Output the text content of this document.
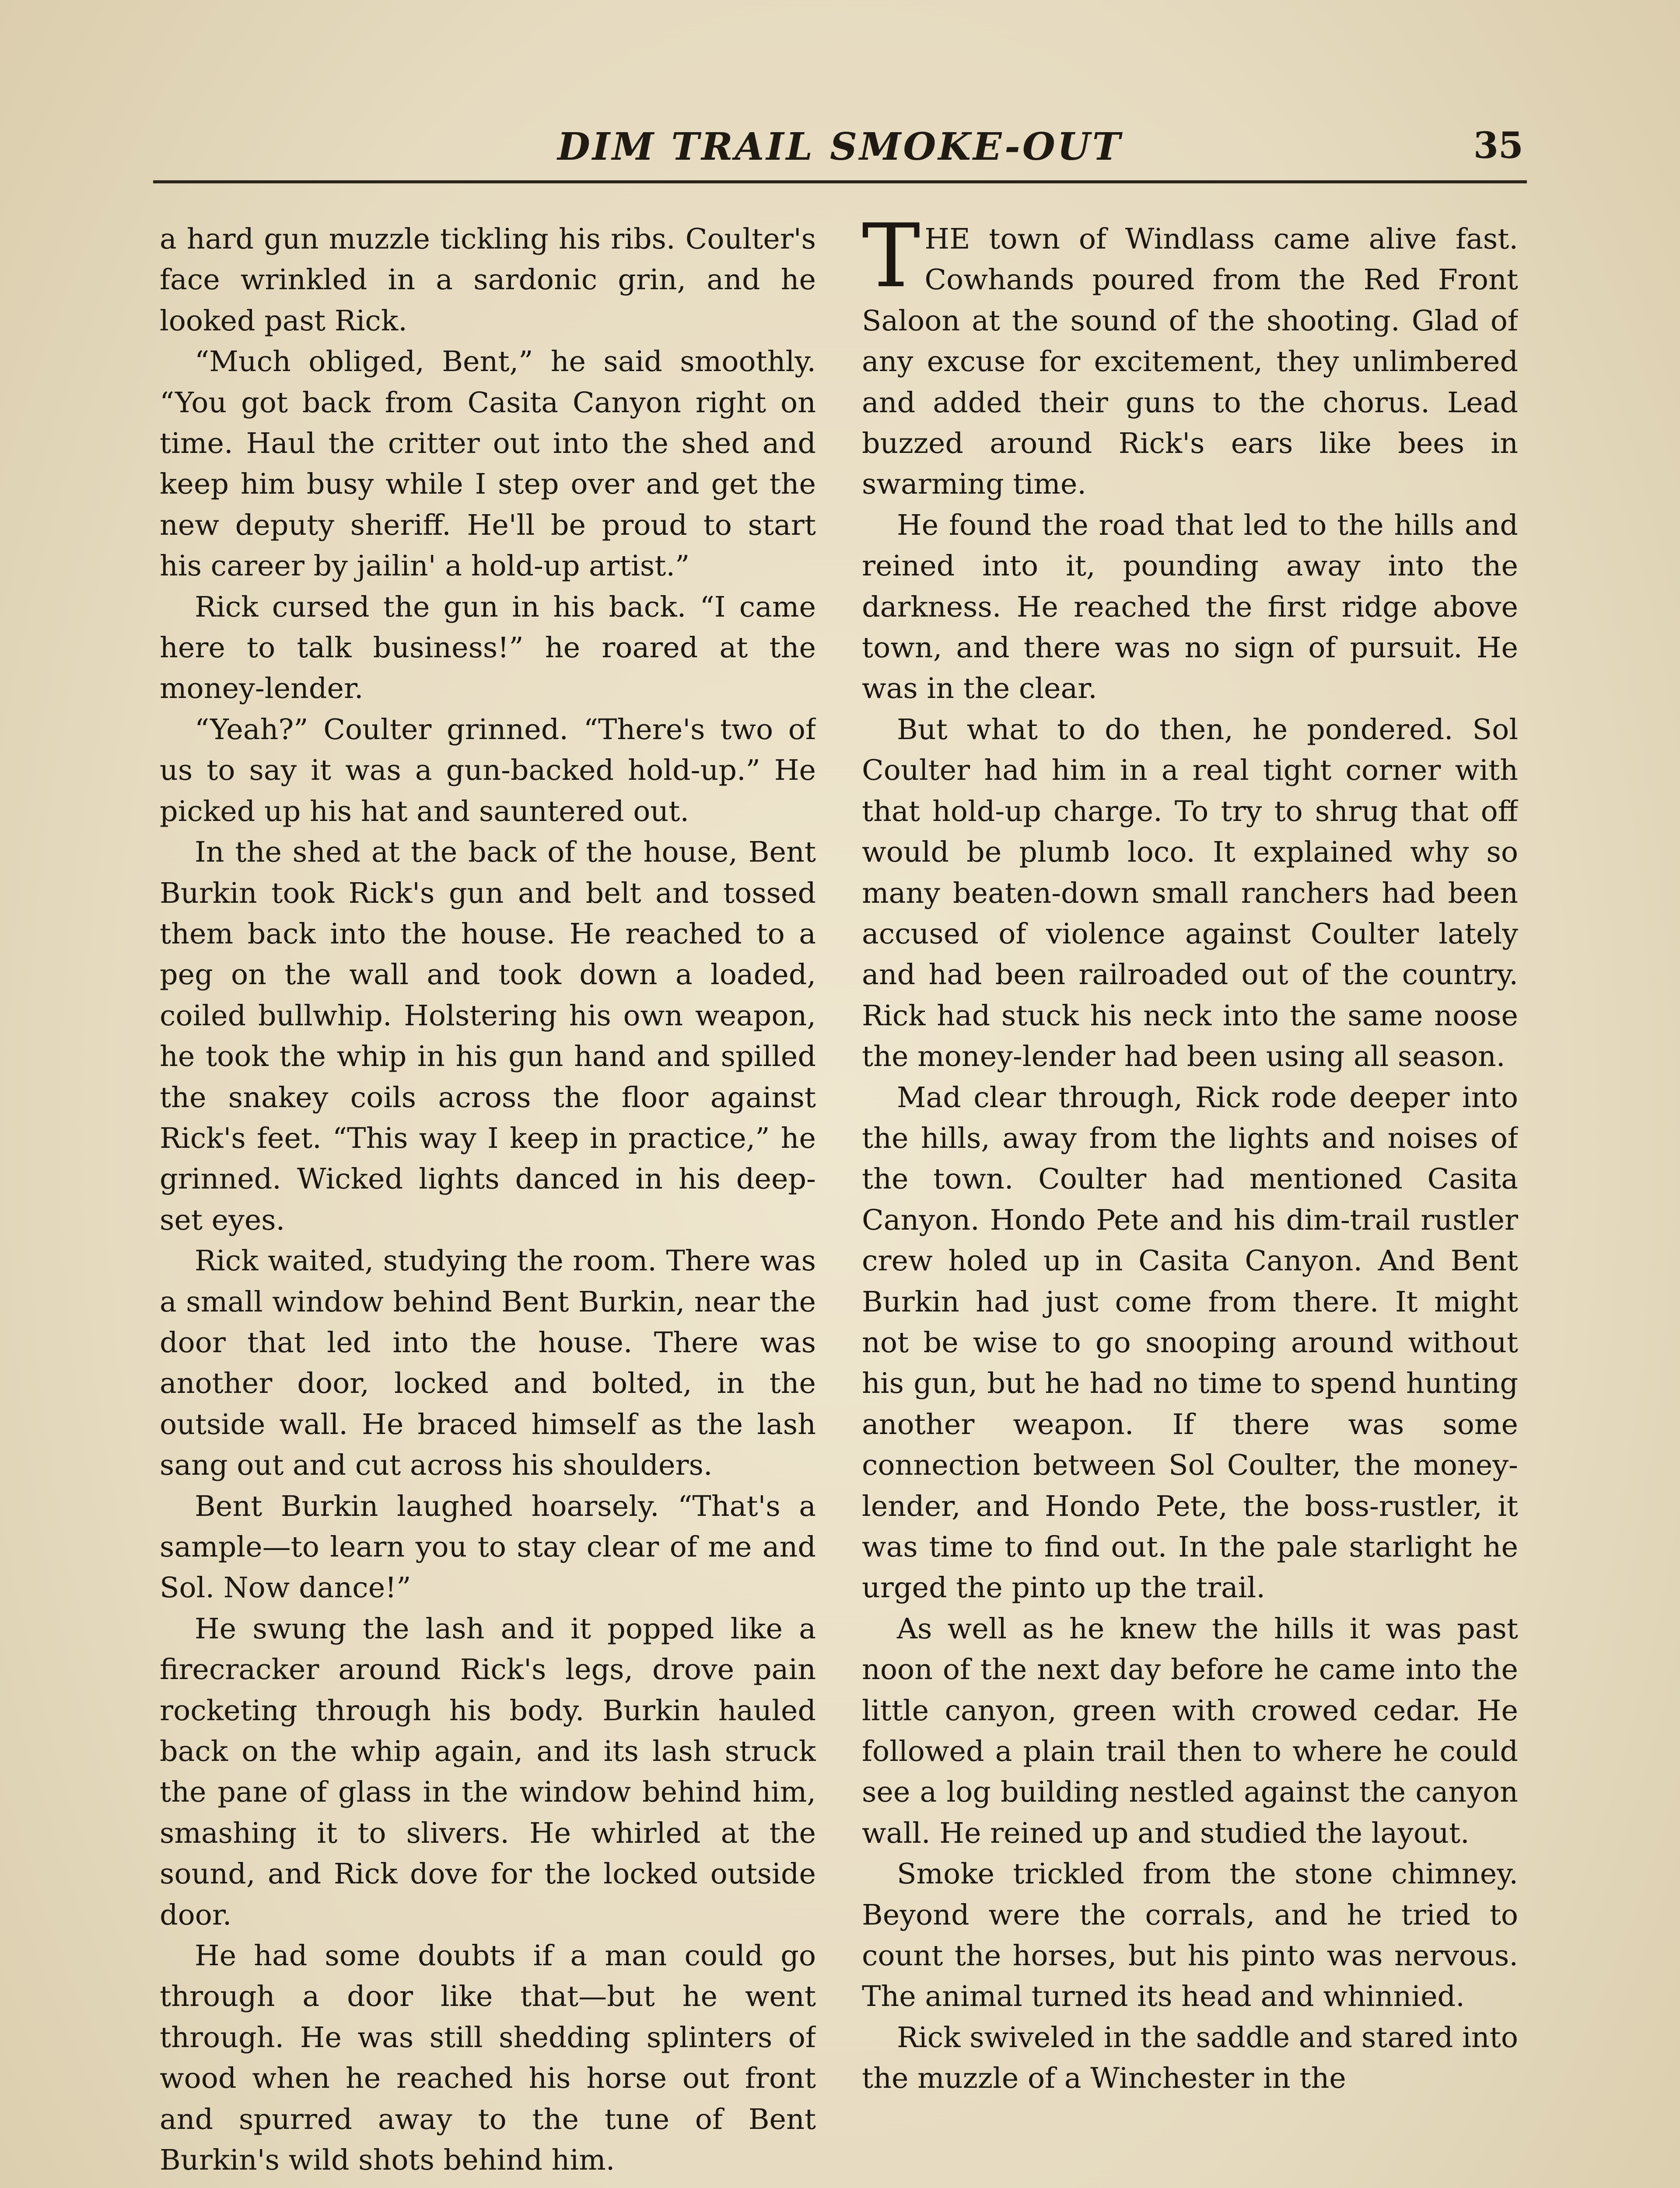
DIM TRAIL SMOKE-OUT	35

a hard gun muzzle tickling his ribs. Coulter's face wrinkled in a sardonic grin, and he looked past Rick.

“Much obliged, Bent,” he said smoothly. “You got back from Casita Canyon right on time. Haul the critter out into the shed and keep him busy while I step over and get the new deputy sheriff. He'll be proud to start his career by jailin' a hold-up artist.”

Rick cursed the gun in his back. “I came here to talk business!” he roared at the money-lender.

“Yeah?” Coulter grinned. “There's two of us to say it was a gun-backed hold-up.” He picked up his hat and sauntered out.

In the shed at the back of the house, Bent Burkin took Rick's gun and belt and tossed them back into the house. He reached to a peg on the wall and took down a loaded, coiled bullwhip. Holstering his own weapon, he took the whip in his gun hand and spilled the snakey coils across the floor against Rick's feet. “This way I keep in practice,” he grinned. Wicked lights danced in his deep-set eyes.

Rick waited, studying the room. There was a small window behind Bent Burkin, near the door that led into the house. There was another door, locked and bolted, in the outside wall. He braced himself as the lash sang out and cut across his shoulders.

Bent Burkin laughed hoarsely. “That's a sample—to learn you to stay clear of me and Sol. Now dance!”

He swung the lash and it popped like a firecracker around Rick's legs, drove pain rocketing through his body. Burkin hauled back on the whip again, and its lash struck the pane of glass in the window behind him, smashing it to slivers. He whirled at the sound, and Rick dove for the locked outside door.

He had some doubts if a man could go through a door like that—but he went through. He was still shedding splinters of wood when he reached his horse out front and spurred away to the tune of Bent Burkin's wild shots behind him.

THE town of Windlass came alive fast. Cowhands poured from the Red Front Saloon at the sound of the shooting. Glad of any excuse for excitement, they unlimbered and added their guns to the chorus. Lead buzzed around Rick's ears like bees in swarming time.

He found the road that led to the hills and reined into it, pounding away into the darkness. He reached the first ridge above town, and there was no sign of pursuit. He was in the clear.

But what to do then, he pondered. Sol Coulter had him in a real tight corner with that hold-up charge. To try to shrug that off would be plumb loco. It explained why so many beaten-down small ranchers had been accused of violence against Coulter lately and had been railroaded out of the country. Rick had stuck his neck into the same noose the money-lender had been using all season.

Mad clear through, Rick rode deeper into the hills, away from the lights and noises of the town. Coulter had mentioned Casita Canyon. Hondo Pete and his dim-trail rustler crew holed up in Casita Canyon. And Bent Burkin had just come from there. It might not be wise to go snooping around without his gun, but he had no time to spend hunting another weapon. If there was some connection between Sol Coulter, the money-lender, and Hondo Pete, the boss-rustler, it was time to find out. In the pale starlight he urged the pinto up the trail.

As well as he knew the hills it was past noon of the next day before he came into the little canyon, green with crowed cedar. He followed a plain trail then to where he could see a log building nestled against the canyon wall. He reined up and studied the layout.

Smoke trickled from the stone chimney. Beyond were the corrals, and he tried to count the horses, but his pinto was nervous. The animal turned its head and whinnied.

Rick swiveled in the saddle and stared into the muzzle of a Winchester in the
